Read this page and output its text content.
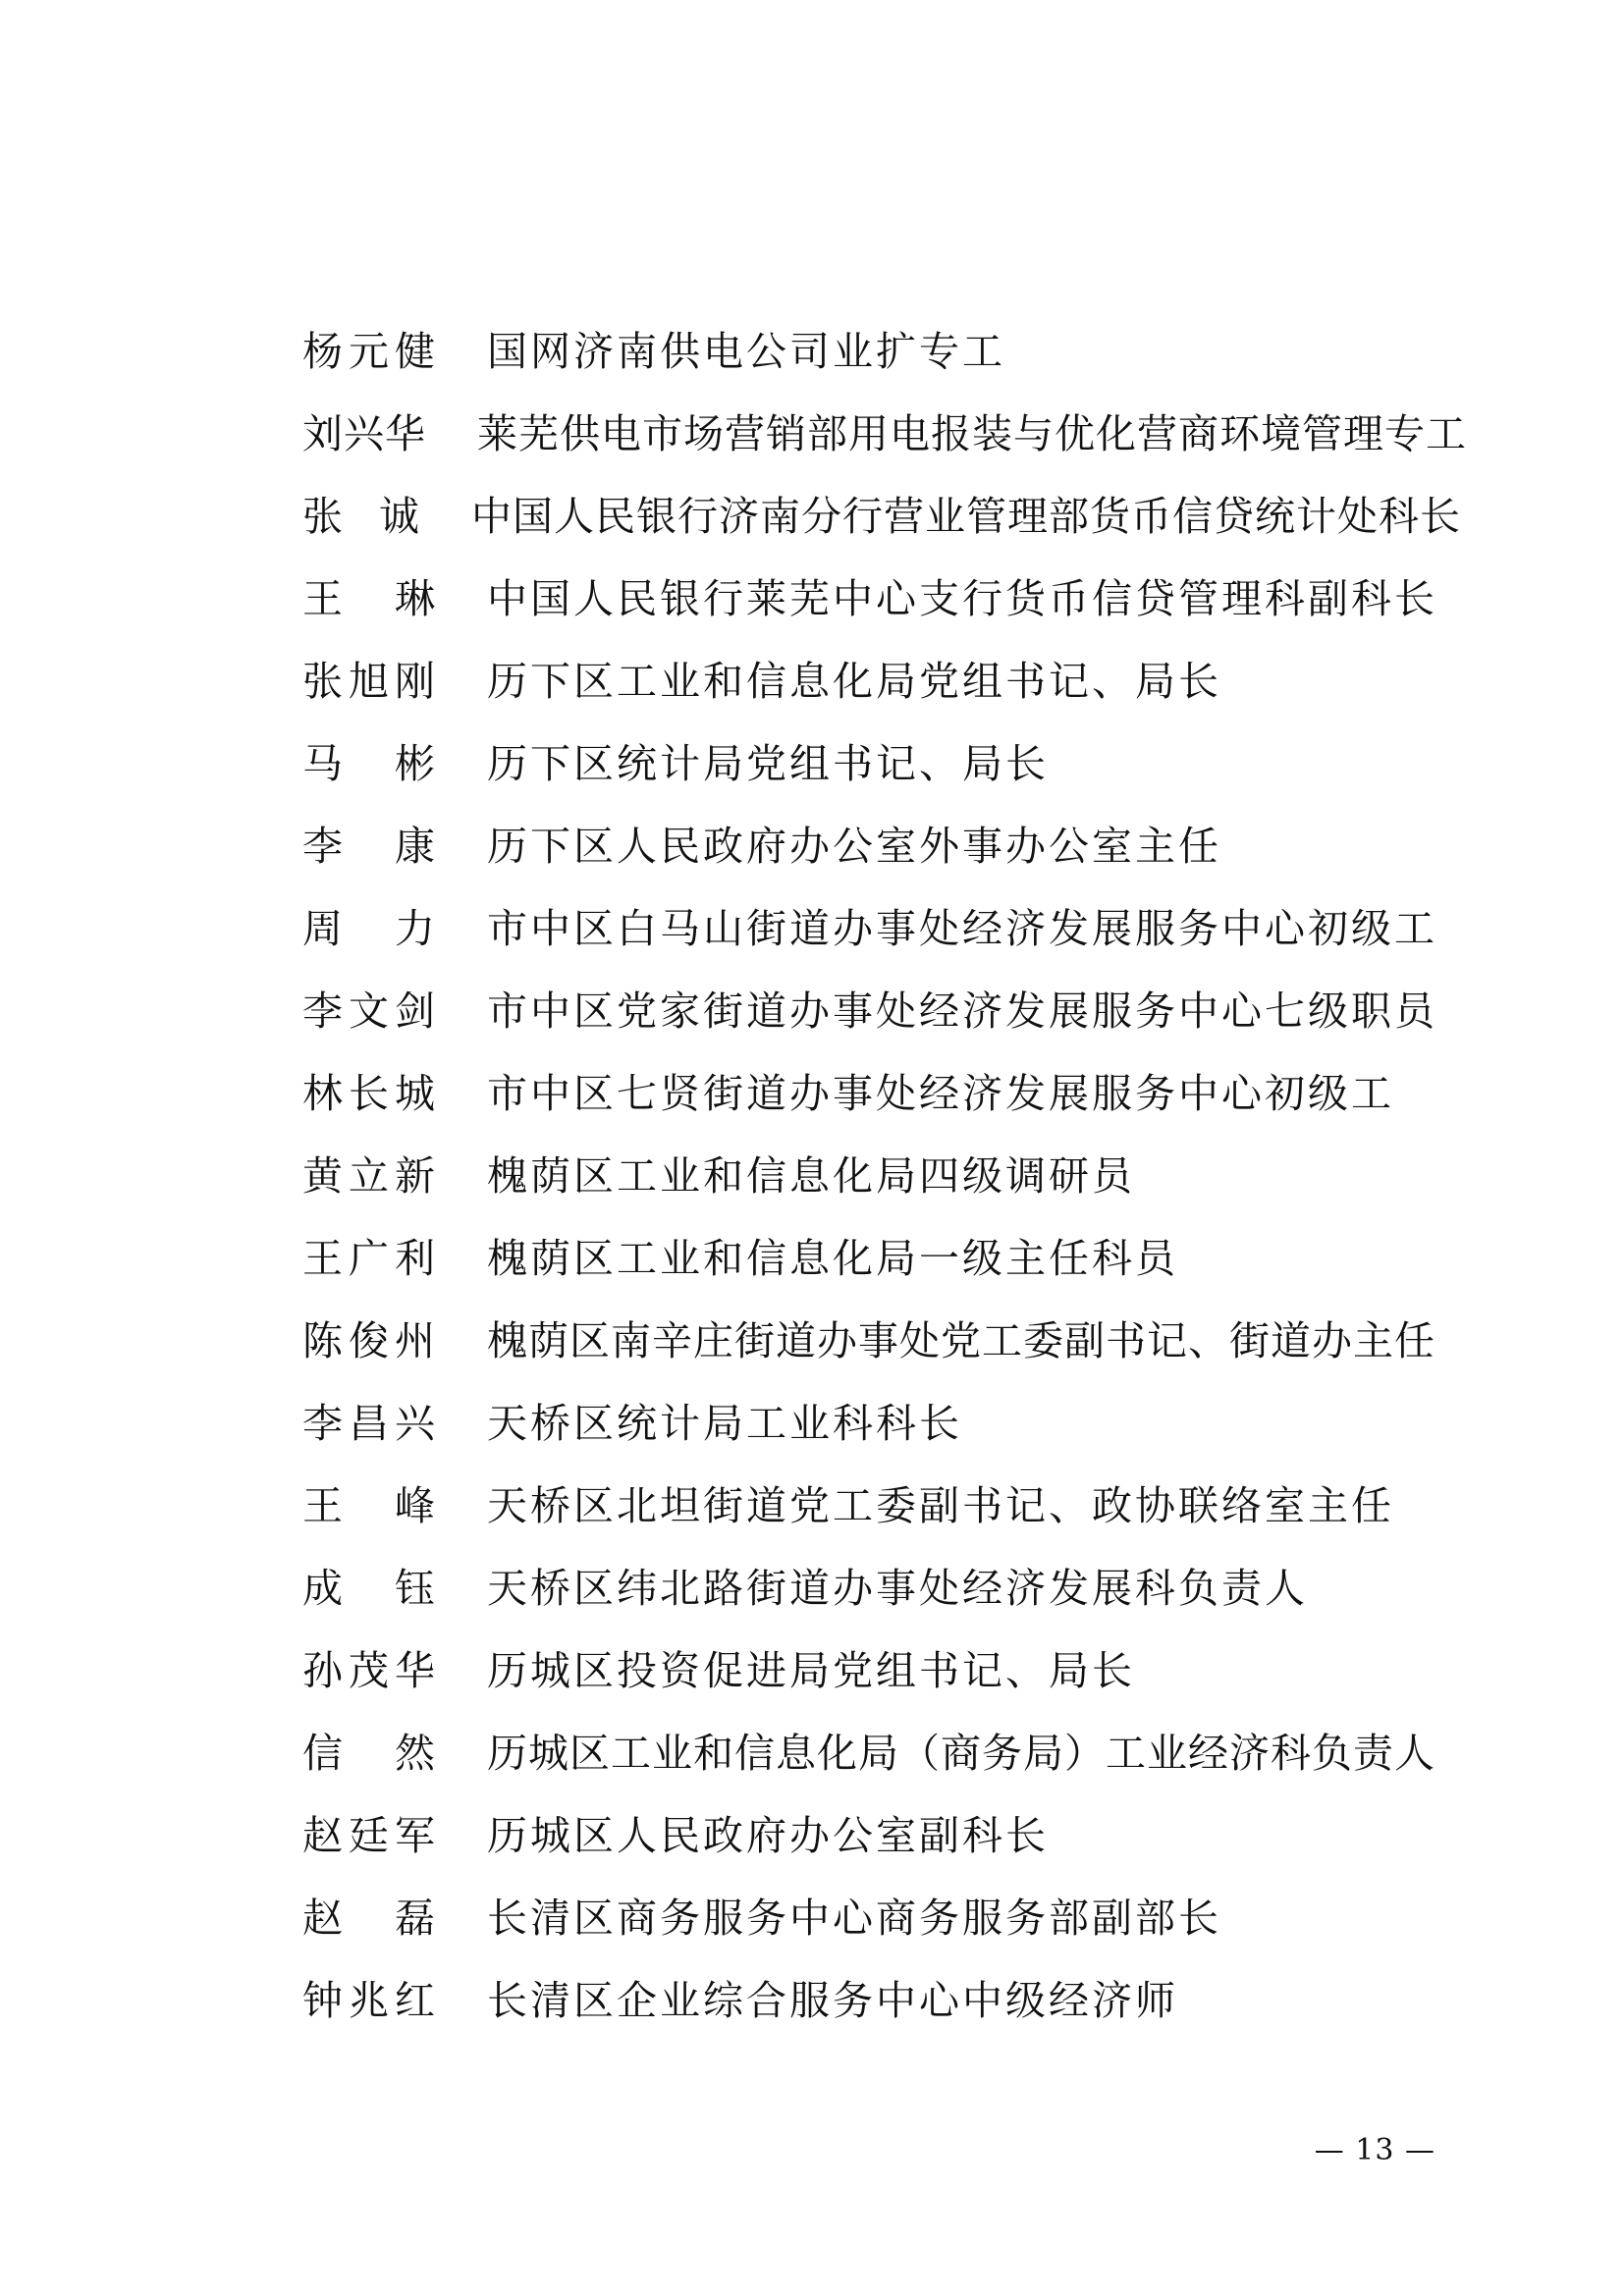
杨 元 健 国网济南供电公司业扩专工
刘 兴 华 莱芜供电市场营销部用电报装与优化营商环境管理专工
张 诚 中国人民银行济南分行营业管理部货币信贷统计处科长
王 琳 中国人民银行莱芜中心支行货币信贷管理科副科长
张 旭 刚 历下区工业和信息化局党组书记、局长
马 彬 历下区统计局党组书记、局长
李 康 历下区人民政府办公室外事办公室主任
周 力 市中区白马山街道办事处经济发展服务中心初级工
李 文 剑 市中区党家街道办事处经济发展服务中心七级职员
林 长 城 市中区七贤街道办事处经济发展服务中心初级工
黄 立 新 槐荫区工业和信息化局四级调研员
王 广 利 槐荫区工业和信息化局一级主任科员
陈 俊 州 槐荫区南辛庄街道办事处党工委副书记、街道办主任
李 昌 兴 天桥区统计局工业科科长
王 峰 天桥区北坦街道党工委副书记、政协联络室主任
成 钰 天桥区纬北路街道办事处经济发展科负责人
孙 茂 华 历城区投资促进局党组书记、局长
信 然 历城区工业和信息化局（商务局）工业经济科负责人
赵 廷 军 历城区人民政府办公室副科长
赵 磊 长清区商务服务中心商务服务部副部长
钟 兆 红 长清区企业综合服务中心中级经济师
— 13 —
